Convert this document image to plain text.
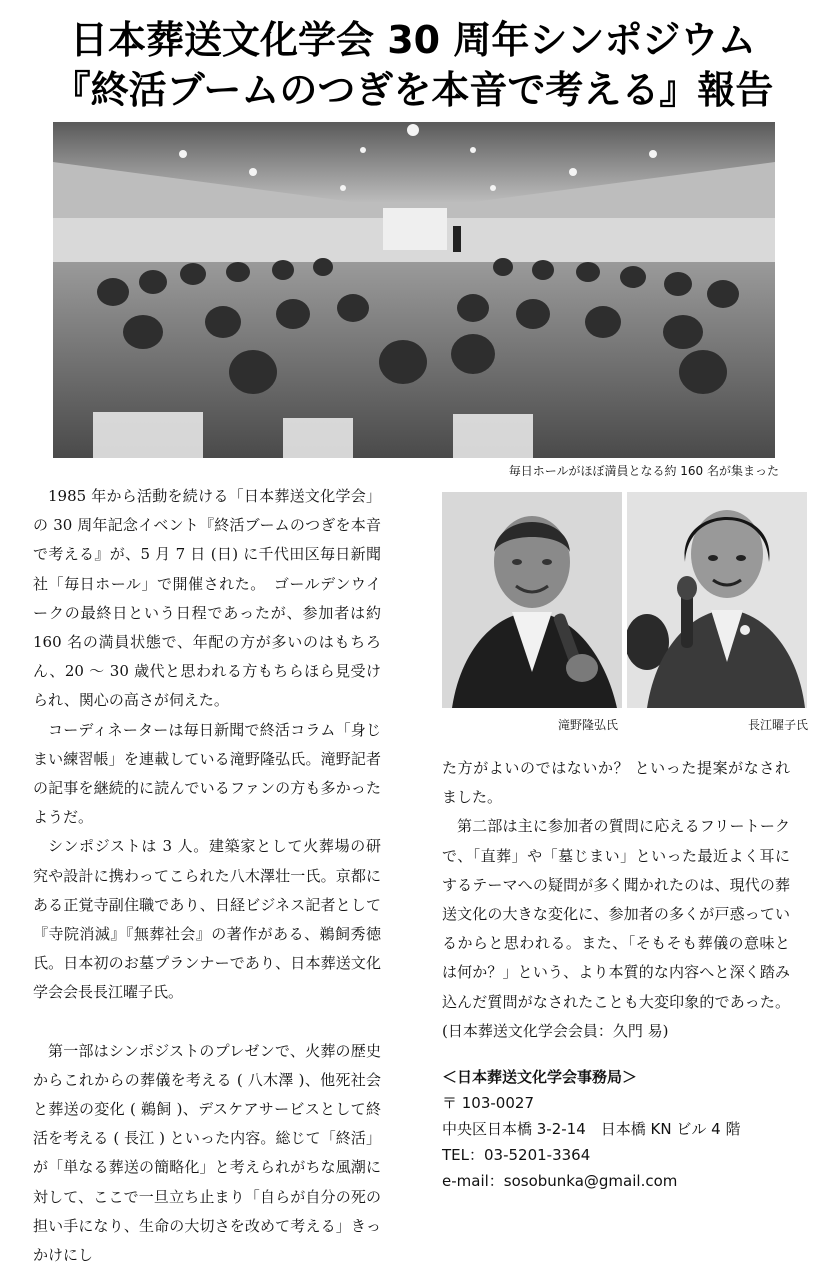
日本葬送文化学会 30 周年シンポジウム
『終活ブームのつぎを本音で考える』報告
毎日ホールがほぼ満員となる約 160 名が集まった
滝野隆弘氏	長江曜子氏

1985 年から活動を続ける「日本葬送文化学会」の 30 周年記念イベント『終活ブームのつぎを本音で考える』が、5 月 7 日 (日) に千代田区毎日新聞社「毎日ホール」で開催された。　ゴールデンウイークの最終日という日程であったが、参加者は約 160 名の満員状態で、年配の方が多いのはもちろん、20 〜 30 歳代と思われる方もちらほら見受けられ、関心の高さが伺えた。

コーディネーターは毎日新聞で終活コラム「身じまい練習帳」を連載している滝野隆弘氏。滝野記者の記事を継続的に読んでいるファンの方も多かったようだ。

シンポジストは 3 人。建築家として火葬場の研究や設計に携わってこられた八木澤壮一氏。京都にある正覚寺副住職であり、日経ビジネス記者として『寺院消滅』『無葬社会』の著作がある、鵜飼秀徳氏。日本初のお墓プランナーであり、日本葬送文化学会会長長江曜子氏。

第一部はシンポジストのプレゼンで、火葬の歴史からこれからの葬儀を考える ( 八木澤 )、他死社会と葬送の変化 ( 鵜飼 )、デスケアサービスとして終活を考える ( 長江 ) といった内容。総じて「終活」が「単なる葬送の簡略化」と考えられがちな風潮に対して、ここで一旦立ち止まり「自らが自分の死の担い手になり、生命の大切さを改めて考える」きっかけにし

た方がよいのではないか？ といった提案がなされました。

第二部は主に参加者の質問に応えるフリートークで、「直葬」や「墓じまい」といった最近よく耳にするテーマへの疑問が多く聞かれたのは、現代の葬送文化の大きな変化に、参加者の多くが戸惑っているからと思われる。また、「そもそも葬儀の意味とは何か？」という、より本質的な内容へと深く踏み込んだ質問がなされたことも大変印象的であった。(日本葬送文化学会会員：久門 易)

＜日本葬送文化学会事務局＞
〒 103-0027
中央区日本橋 3-2-14　日本橋 KN ビル 4 階
TEL：03-5201-3364
e-mail：sosobunka@gmail.com
